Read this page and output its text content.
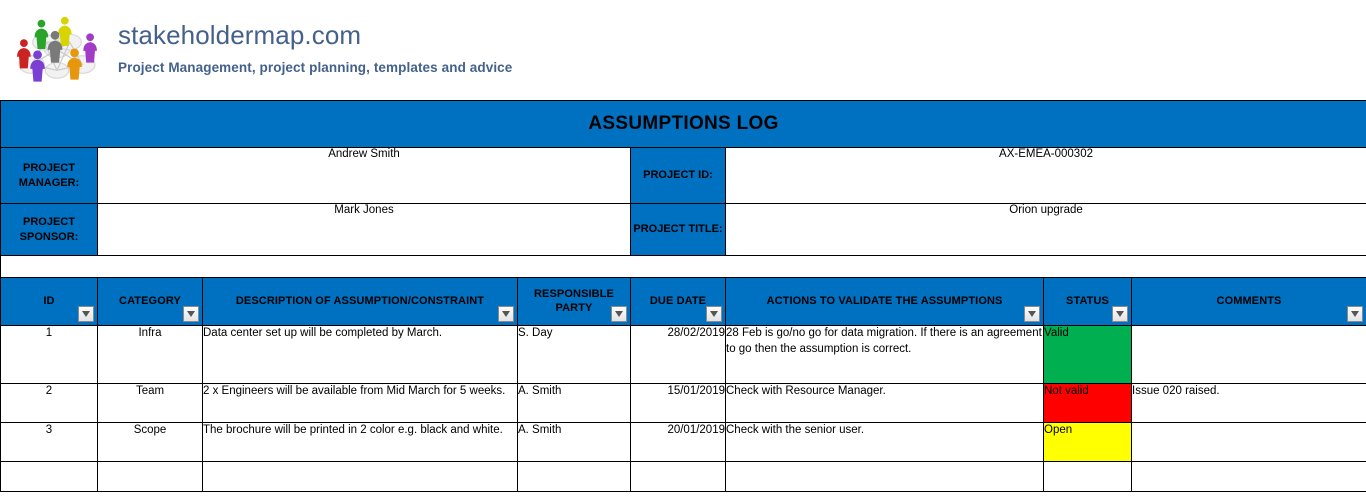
stakeholdermap.com
Project Management, project planning, templates and advice
ASSUMPTIONS LOG							
PROJECT MANAGER:	Andrew Smith			PROJECT ID:	AX-EMEA-000302		
PROJECT SPONSOR:	Mark Jones			PROJECT TITLE:	Orion upgrade		

ID	CATEGORY	DESCRIPTION OF ASSUMPTION/CONSTRAINT	RESPONSIBLE PARTY	DUE DATE	ACTIONS TO VALIDATE THE ASSUMPTIONS	STATUS	COMMENTS

1	Infra	Data center set up will be completed by March.	S. Day	28/02/2019	28 Feb is go/no go for data migration. If there is an agreement to go then the assumption is correct.	Valid	
2	Team	2 x Engineers will be available from Mid March for 5 weeks.	A. Smith	15/01/2019	Check with Resource Manager.	Not valid	Issue 020 raised.
3	Scope	The brochure will be printed in 2 color e.g. black and white.	A. Smith	20/01/2019	Check with the senior user.	Open	
